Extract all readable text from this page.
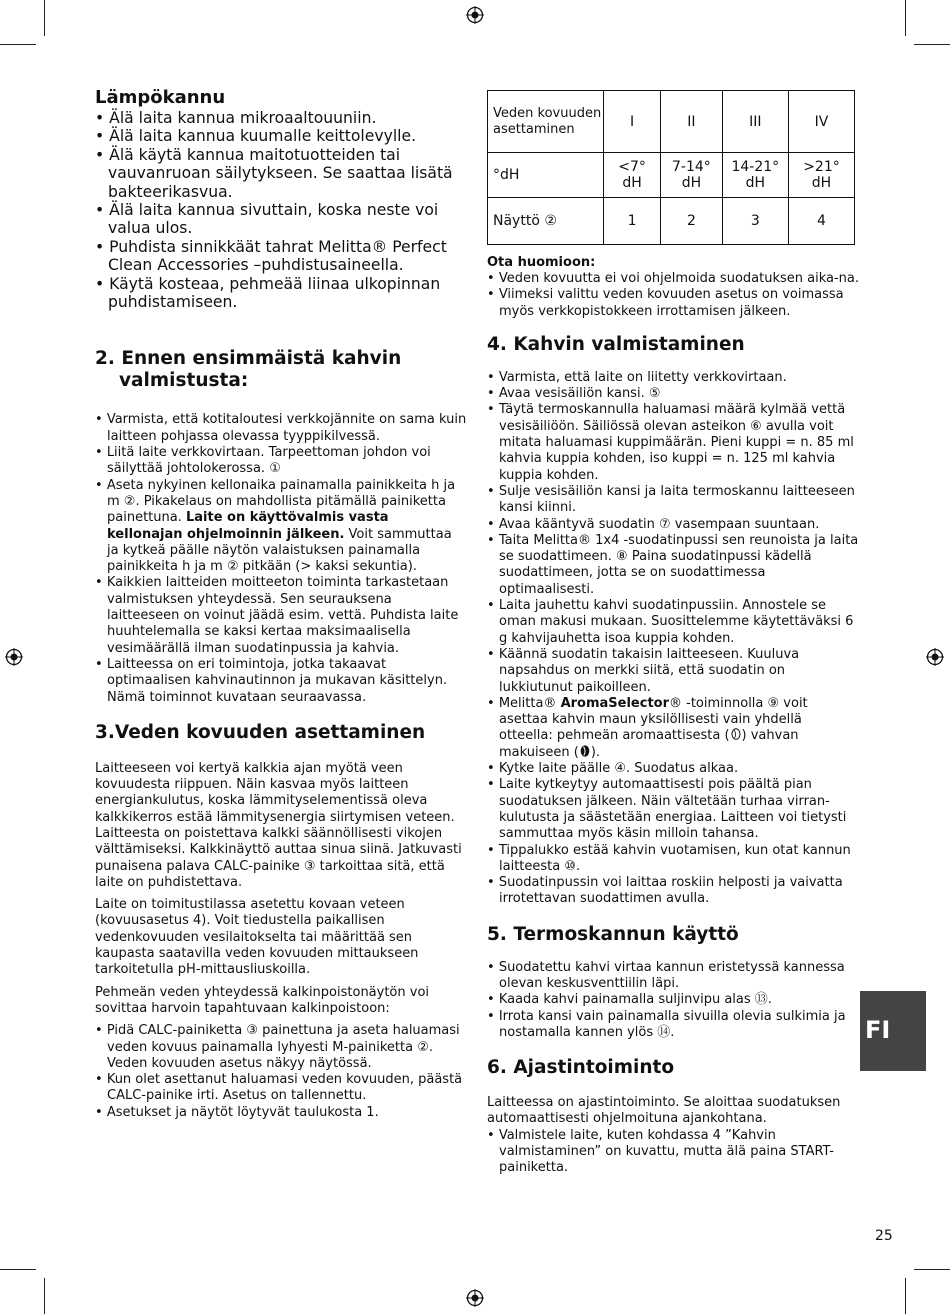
Lämpökannu
• Älä laita kannua mikroaaltouuniin.
• Älä laita kannua kuumalle keittolevylle.
• Älä käytä kannua maitotuotteiden tai vauvanruoan säilytykseen. Se saattaa lisätä bakteerikasvua.
• Älä laita kannua sivuttain, koska neste voi valua ulos.
• Puhdista sinnikkäät tahrat Melitta® Perfect Clean Accessories –puhdistusaineella.
• Käytä kosteaa, pehmeää liinaa ulkopinnan puhdistamiseen.
2. Ennen ensimmäistä kahvin
valmistusta:
• Varmista, että kotitaloutesi verkkojännite on sama kuin laitteen pohjassa olevassa tyyppikilvessä.
• Liitä laite verkkovirtaan. Tarpeettoman johdon voi säilyttää johtolokerossa. ①
• Aseta nykyinen kellonaika painamalla painikkeita h ja m ②. Pikakelaus on mahdollista pitämällä painiketta painettuna. Laite on käyttövalmis vasta kellonajan ohjelmoinnin jälkeen. Voit sammuttaa ja kytkeä päälle näytön valaistuksen painamalla painikkeita h ja m ② pitkään (> kaksi sekuntia).
• Kaikkien laitteiden moitteeton toiminta tarkastetaan valmistuksen yhteydessä. Sen seurauksena laitteeseen on voinut jäädä esim. vettä. Puhdista laite huuhtelemalla se kaksi kertaa maksimaalisella vesimäärällä ilman suodatinpussia ja kahvia.
• Laitteessa on eri toimintoja, jotka takaavat optimaalisen kahvinautinnon ja mukavan käsittelyn. Nämä toiminnot kuvataan seuraavassa.
3.Veden kovuuden asettaminen

Laitteeseen voi kertyä kalkkia ajan myötä veen kovuudesta riippuen. Näin kasvaa myös laitteen energiankulutus, koska lämmityselementissä oleva kalkkikerros estää lämmitysenergia siirtymisen veteen. Laitteesta on poistettava kalkki säännöllisesti vikojen välttämiseksi. Kalkkinäyttö auttaa sinua siinä. Jatkuvasti punaisena palava CALC-painike ③ tarkoittaa sitä, että laite on puhdistettava.

Laite on toimitustilassa asetettu kovaan veteen (kovuusasetus 4). Voit tiedustella paikallisen vedenkovuuden vesilaitokselta tai määrittää sen kaupasta saatavilla veden kovuuden mittaukseen tarkoitetulla pH-mittausliuskoilla.

Pehmeän veden yhteydessä kalkinpoistonäytön voi sovittaa harvoin tapahtuvaan kalkinpoistoon:

• Pidä CALC-painiketta ③ painettuna ja aseta haluamasi veden kovuus painamalla lyhyesti M-painiketta ②. Veden kovuuden asetus näkyy näytössä.
• Kun olet asettanut haluamasi veden kovuuden, päästä CALC-painike irti. Asetus on tallennettu.
• Asetukset ja näytöt löytyvät taulukosta 1.
Veden kovuuden asettaminen	I	II	III	IV
°dH	<7° dH	7-14° dH	14-21° dH	>21° dH
Näyttö ②	1	2	3	4
Ota huomioon:
• Veden kovuutta ei voi ohjelmoida suodatuksen aika-na.
• Viimeksi valittu veden kovuuden asetus on voimassa myös verkkopistokkeen irrottamisen jälkeen.
4. Kahvin valmistaminen
• Varmista, että laite on liitetty verkkovirtaan.
• Avaa vesisäiliön kansi. ⑤
• Täytä termoskannulla haluamasi määrä kylmää vettä vesisäiliöön. Säiliössä olevan asteikon ⑥ avulla voit mitata haluamasi kuppimäärän. Pieni kuppi = n. 85 ml kahvia kuppia kohden, iso kuppi = n. 125 ml kahvia kuppia kohden.
• Sulje vesisäiliön kansi ja laita termoskannu laitteeseen kansi kiinni.
• Avaa kääntyvä suodatin ⑦ vasempaan suuntaan.
• Taita Melitta® 1x4 -suodatinpussi sen reunoista ja laita se suodattimeen. ⑧ Paina suodatinpussi kädellä suodattimeen, jotta se on suodattimessa optimaalisesti.
• Laita jauhettu kahvi suodatinpussiin. Annostele se oman makusi mukaan. Suosittelemme käytettäväksi 6 g kahvijauhetta isoa kuppia kohden.
• Käännä suodatin takaisin laitteeseen. Kuuluva napsahdus on merkki siitä, että suodatin on lukkiutunut paikoilleen.
• Melitta® AromaSelector® -toiminnolla ⑨ voit asettaa kahvin maun yksilöllisesti vain yhdellä otteella: pehmeän aromaattisesta ( ) vahvan makuiseen ( ).
• Kytke laite päälle ④. Suodatus alkaa.
• Laite kytkeytyy automaattisesti pois päältä pian suodatuksen jälkeen. Näin vältetään turhaa virran-kulutusta ja säästetään energiaa. Laitteen voi tietysti sammuttaa myös käsin milloin tahansa.
• Tippalukko estää kahvin vuotamisen, kun otat kannun laitteesta ⑩.
• Suodatinpussin voi laittaa roskiin helposti ja vaivatta irrotettavan suodattimen avulla.
5. Termoskannun käyttö
• Suodatettu kahvi virtaa kannun eristetyssä kannessa olevan keskusventtiilin läpi.
• Kaada kahvi painamalla suljinvipu alas ⑬.
• Irrota kansi vain painamalla sivuilla olevia sulkimia ja nostamalla kannen ylös ⑭.
6. Ajastintoiminto

Laitteessa on ajastintoiminto. Se aloittaa suodatuksen automaattisesti ohjelmoituna ajankohtana.

• Valmistele laite, kuten kohdassa 4 ”Kahvin valmistaminen” on kuvattu, mutta älä paina START-painiketta.
FI
25
